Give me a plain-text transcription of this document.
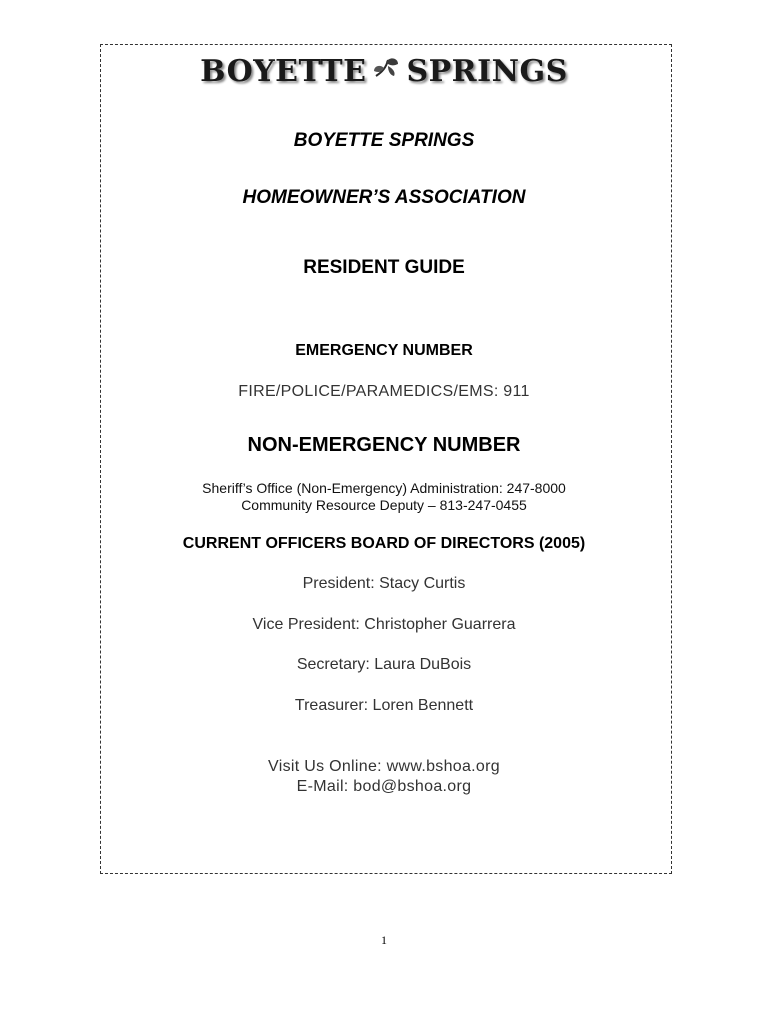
BOYETTE SPRINGS
BOYETTE SPRINGS
HOMEOWNER’S ASSOCIATION
RESIDENT GUIDE
EMERGENCY NUMBER
FIRE/POLICE/PARAMEDICS/EMS: 911
NON-EMERGENCY NUMBER
Sheriff’s Office (Non-Emergency) Administration: 247-8000
Community Resource Deputy – 813-247-0455
CURRENT OFFICERS BOARD OF DIRECTORS (2005)
President: Stacy Curtis
Vice President: Christopher Guarrera
Secretary: Laura DuBois
Treasurer: Loren Bennett
Visit Us Online: www.bshoa.org
E-Mail: bod@bshoa.org
1
